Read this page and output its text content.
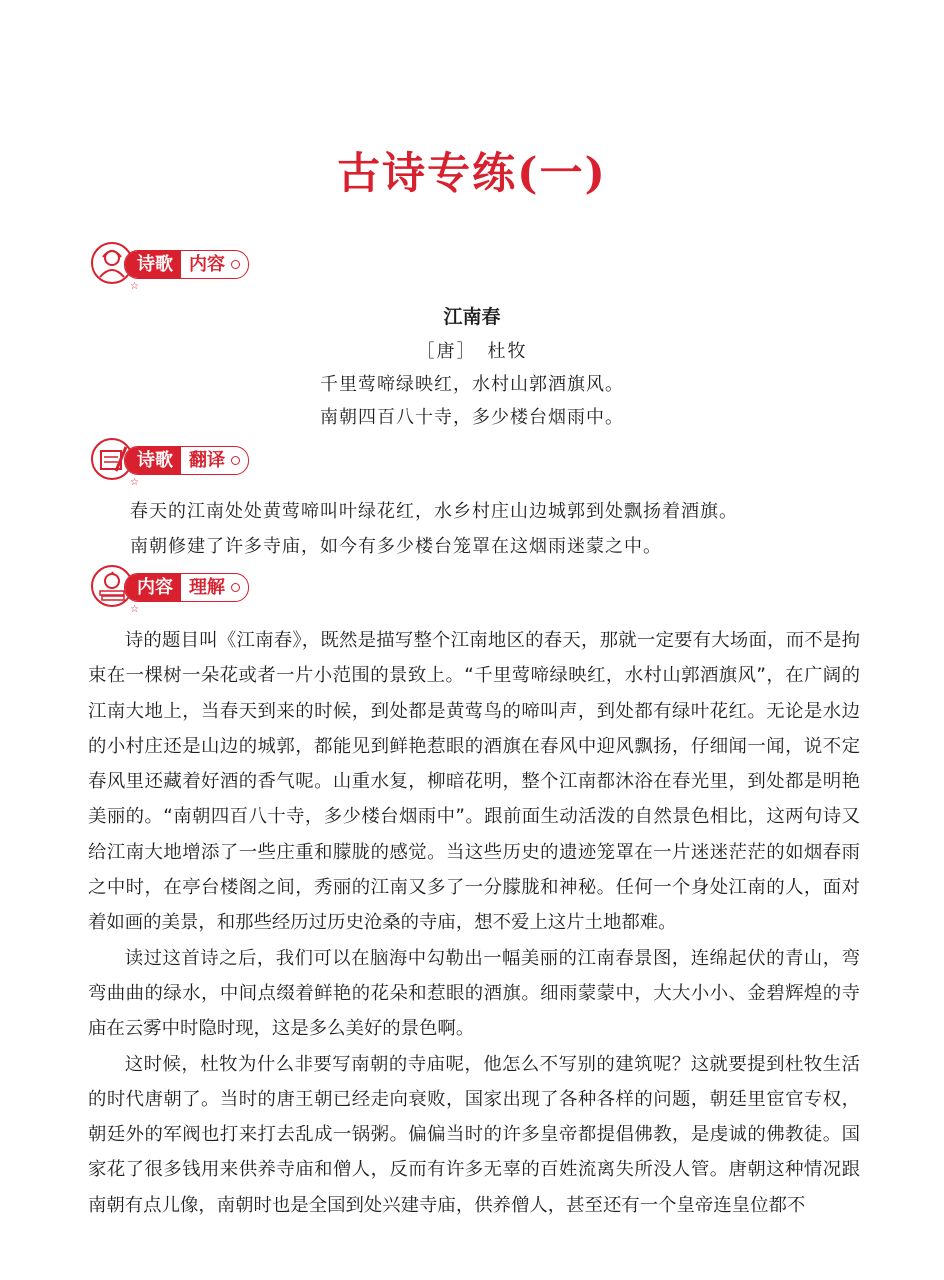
古诗专练(一)
诗歌 内容
☆
江南春
［唐］　杜牧
千里莺啼绿映红，水村山郭酒旗风。
南朝四百八十寺，多少楼台烟雨中。
诗歌 翻译
☆
春天的江南处处黄莺啼叫叶绿花红，水乡村庄山边城郭到处飘扬着酒旗。
南朝修建了许多寺庙，如今有多少楼台笼罩在这烟雨迷蒙之中。
内容 理解
☆

诗的题目叫《江南春》，既然是描写整个江南地区的春天，那就一定要有大场面，而不是拘束在一棵树一朵花或者一片小范围的景致上。“千里莺啼绿映红，水村山郭酒旗风”，在广阔的江南大地上，当春天到来的时候，到处都是黄莺鸟的啼叫声，到处都有绿叶花红。无论是水边的小村庄还是山边的城郭，都能见到鲜艳惹眼的酒旗在春风中迎风飘扬，仔细闻一闻，说不定春风里还藏着好酒的香气呢。山重水复，柳暗花明，整个江南都沐浴在春光里，到处都是明艳美丽的。“南朝四百八十寺，多少楼台烟雨中”。跟前面生动活泼的自然景色相比，这两句诗又给江南大地增添了一些庄重和朦胧的感觉。当这些历史的遗迹笼罩在一片迷迷茫茫的如烟春雨之中时，在亭台楼阁之间，秀丽的江南又多了一分朦胧和神秘。任何一个身处江南的人，面对着如画的美景，和那些经历过历史沧桑的寺庙，想不爱上这片土地都难。

读过这首诗之后，我们可以在脑海中勾勒出一幅美丽的江南春景图，连绵起伏的青山，弯弯曲曲的绿水，中间点缀着鲜艳的花朵和惹眼的酒旗。细雨蒙蒙中，大大小小、金碧辉煌的寺庙在云雾中时隐时现，这是多么美好的景色啊。

这时候，杜牧为什么非要写南朝的寺庙呢，他怎么不写别的建筑呢？这就要提到杜牧生活的时代唐朝了。当时的唐王朝已经走向衰败，国家出现了各种各样的问题，朝廷里宦官专权，朝廷外的军阀也打来打去乱成一锅粥。偏偏当时的许多皇帝都提倡佛教，是虔诚的佛教徒。国家花了很多钱用来供养寺庙和僧人，反而有许多无辜的百姓流离失所没人管。唐朝这种情况跟南朝有点儿像，南朝时也是全国到处兴建寺庙，供养僧人，甚至还有一个皇帝连皇位都不
